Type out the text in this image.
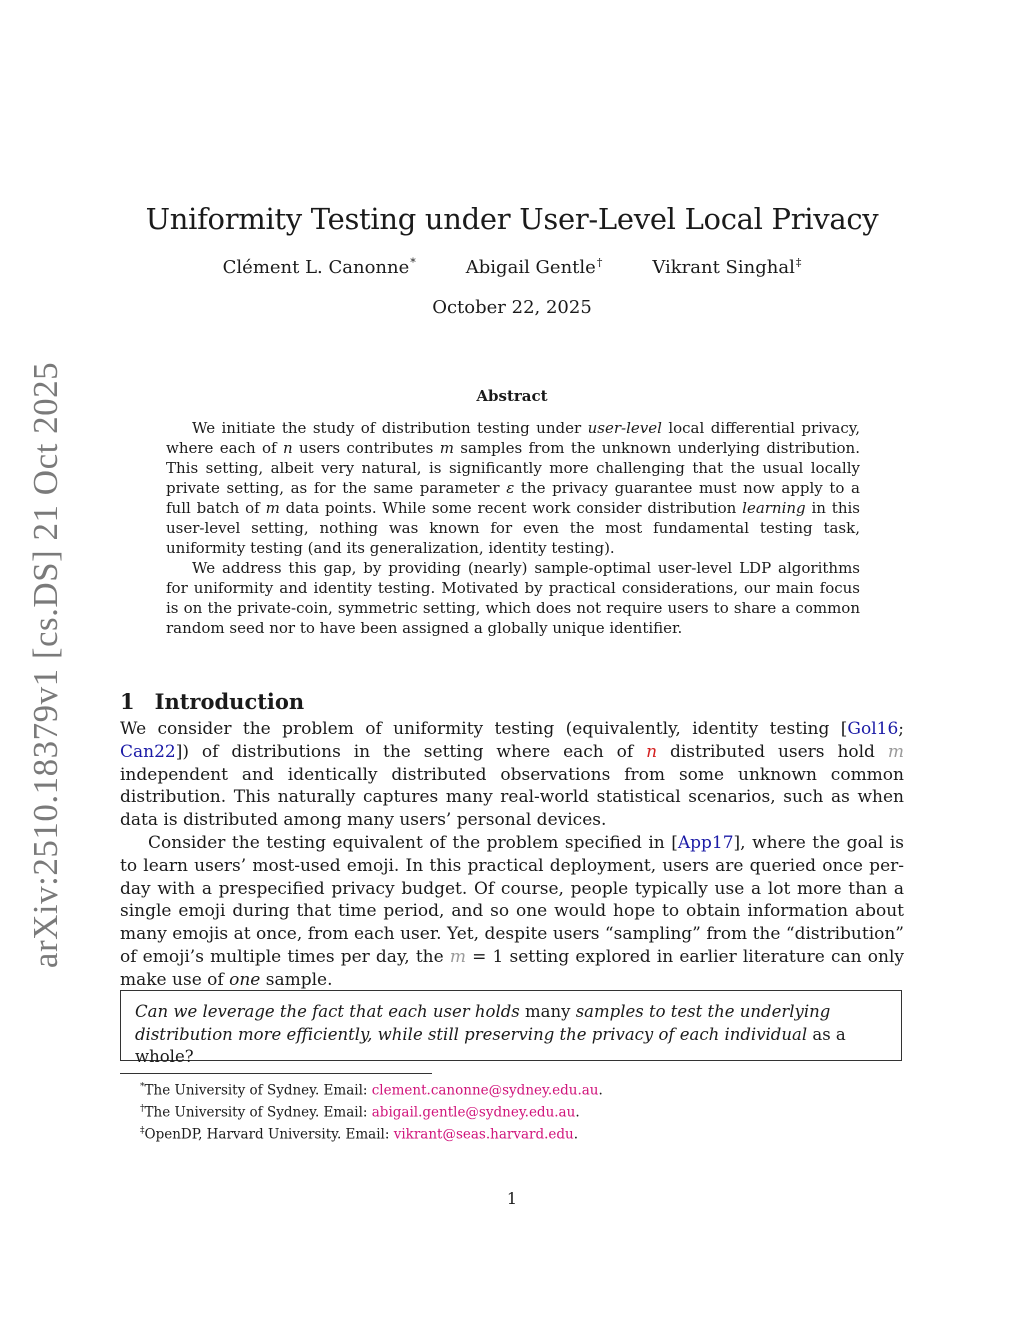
arXiv:2510.18379v1 [cs.DS] 21 Oct 2025
Uniformity Testing under User-Level Local Privacy
Clément L. Canonne*	Abigail Gentle†	Vikrant Singhal‡
October 22, 2025
Abstract

We initiate the study of distribution testing under user-level local differential privacy, where each of n users contributes m samples from the unknown underlying distribution. This setting, albeit very natural, is significantly more challenging that the usual locally private setting, as for the same parameter ε the privacy guarantee must now apply to a full batch of m data points. While some recent work consider distribution learning in this user-level setting, nothing was known for even the most fundamental testing task, uniformity testing (and its generalization, identity testing).

We address this gap, by providing (nearly) sample-optimal user-level LDP algorithms for uniformity and identity testing. Motivated by practical considerations, our main focus is on the private-coin, symmetric setting, which does not require users to share a common random seed nor to have been assigned a globally unique identifier.

1 Introduction

We consider the problem of uniformity testing (equivalently, identity testing [Gol16; Can22]) of distributions in the setting where each of n distributed users hold m independent and identically distributed observations from some unknown common distribution. This naturally captures many real-world statistical scenarios, such as when data is distributed among many users’ personal devices.

Consider the testing equivalent of the problem specified in [App17], where the goal is to learn users’ most-used emoji. In this practical deployment, users are queried once per-day with a prespecified privacy budget. Of course, people typically use a lot more than a single emoji during that time period, and so one would hope to obtain information about many emojis at once, from each user. Yet, despite users “sampling” from the “distribution” of emoji’s multiple times per day, the m = 1 setting explored in earlier literature can only make use of one sample.

Can we leverage the fact that each user holds many samples to test the underlying distribution more efficiently, while still preserving the privacy of each individual as a whole?
*The University of Sydney. Email: clement.canonne@sydney.edu.au.
†The University of Sydney. Email: abigail.gentle@sydney.edu.au.
‡OpenDP, Harvard University. Email: vikrant@seas.harvard.edu.
1
